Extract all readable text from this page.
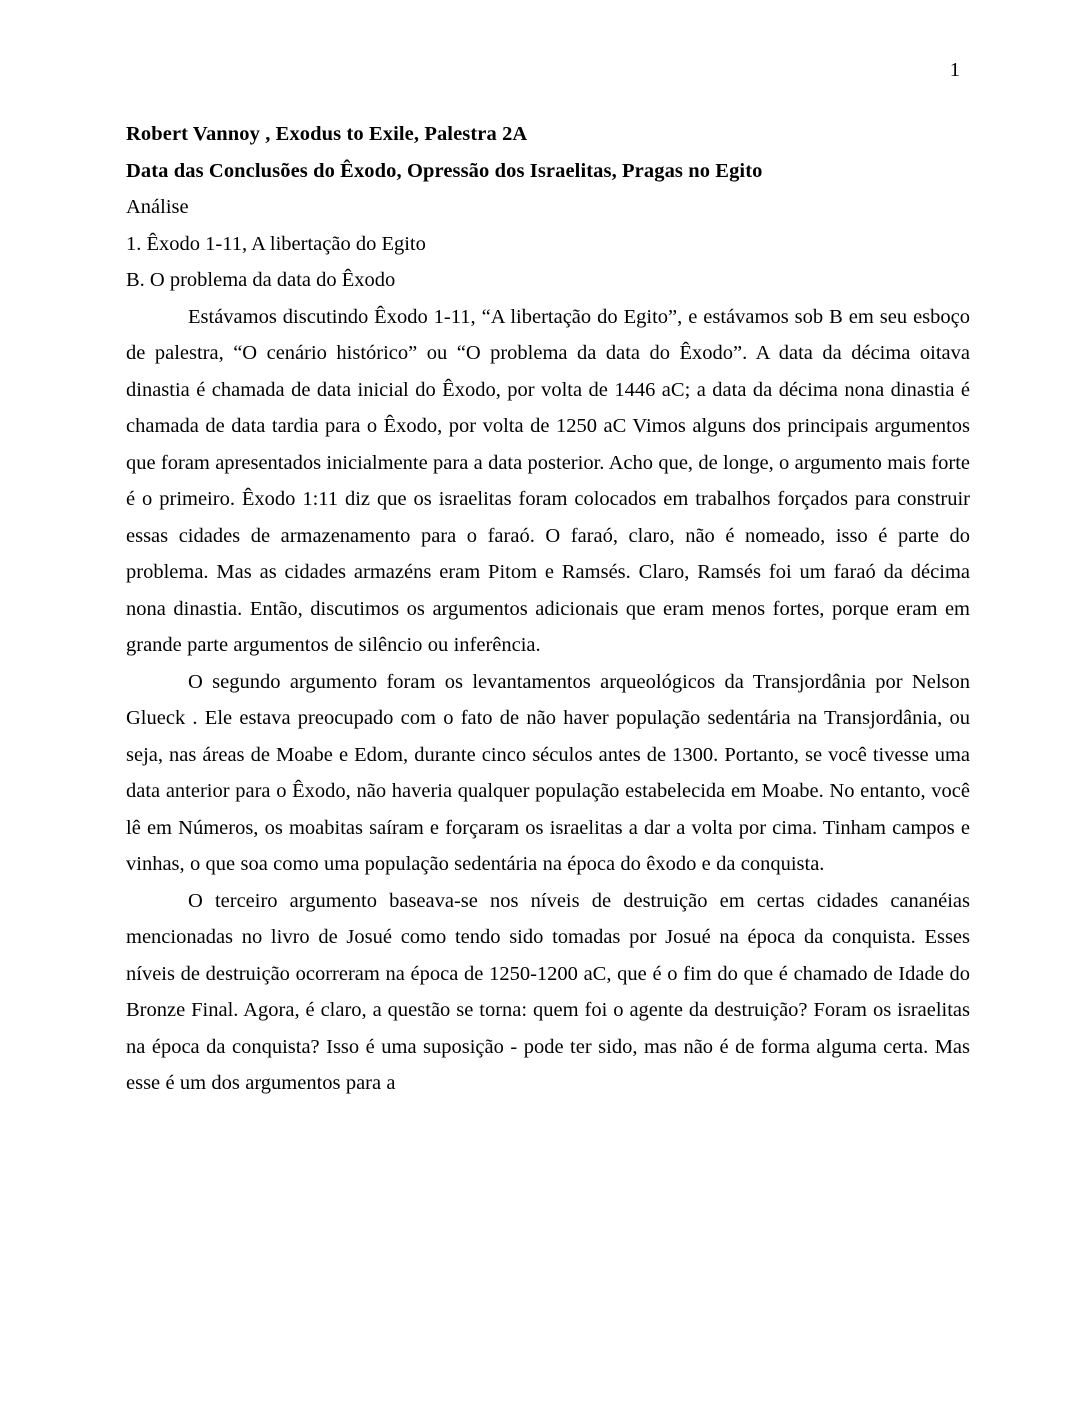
1
Robert Vannoy , Exodus to Exile, Palestra 2A
Data das Conclusões do Êxodo, Opressão dos Israelitas, Pragas no Egito
Análise
1. Êxodo 1-11, A libertação do Egito
B. O problema da data do Êxodo

Estávamos discutindo Êxodo 1-11, “A libertação do Egito”, e estávamos sob B em seu esboço de palestra, “O cenário histórico” ou “O problema da data do Êxodo”. A data da décima oitava dinastia é chamada de data inicial do Êxodo, por volta de 1446 aC; a data da décima nona dinastia é chamada de data tardia para o Êxodo, por volta de 1250 aC Vimos alguns dos principais argumentos que foram apresentados inicialmente para a data posterior. Acho que, de longe, o argumento mais forte é o primeiro. Êxodo 1:11 diz que os israelitas foram colocados em trabalhos forçados para construir essas cidades de armazenamento para o faraó. O faraó, claro, não é nomeado, isso é parte do problema. Mas as cidades armazéns eram Pitom e Ramsés. Claro, Ramsés foi um faraó da décima nona dinastia. Então, discutimos os argumentos adicionais que eram menos fortes, porque eram em grande parte argumentos de silêncio ou inferência.

O segundo argumento foram os levantamentos arqueológicos da Transjordânia por Nelson Glueck . Ele estava preocupado com o fato de não haver população sedentária na Transjordânia, ou seja, nas áreas de Moabe e Edom, durante cinco séculos antes de 1300. Portanto, se você tivesse uma data anterior para o Êxodo, não haveria qualquer população estabelecida em Moabe. No entanto, você lê em Números, os moabitas saíram e forçaram os israelitas a dar a volta por cima. Tinham campos e vinhas, o que soa como uma população sedentária na época do êxodo e da conquista.

O terceiro argumento baseava-se nos níveis de destruição em certas cidades cananéias mencionadas no livro de Josué como tendo sido tomadas por Josué na época da conquista. Esses níveis de destruição ocorreram na época de 1250-1200 aC, que é o fim do que é chamado de Idade do Bronze Final. Agora, é claro, a questão se torna: quem foi o agente da destruição? Foram os israelitas na época da conquista? Isso é uma suposição - pode ter sido, mas não é de forma alguma certa. Mas esse é um dos argumentos para a
